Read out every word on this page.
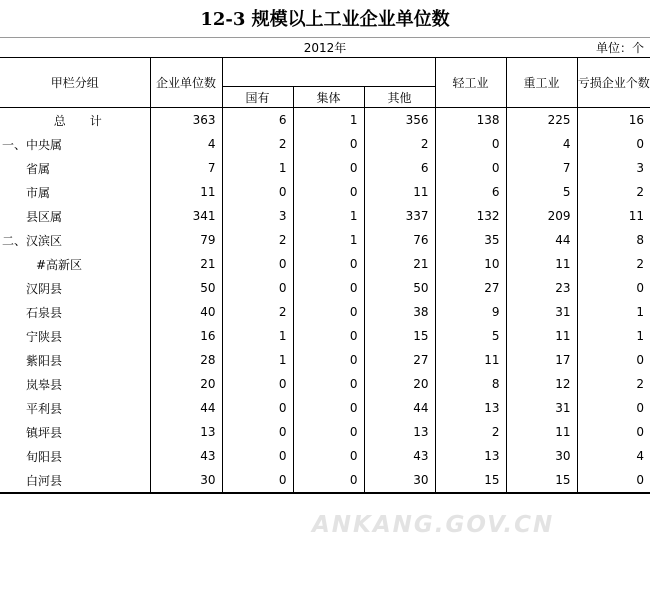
12-3 规模以上工业企业单位数
2012年	单位：个
甲栏分组	企业单位数				轻工业	重工业	亏损企业个数
		国有	集体	其他			
总　　计	363	6	1	356	138	225	16
一、中央属	4	2	0	2	0	4	0
省属	7	1	0	6	0	7	3
市属	11	0	0	11	6	5	2
县区属	341	3	1	337	132	209	11
二、汉滨区	79	2	1	76	35	44	8
#高新区	21	0	0	21	10	11	2
汉阴县	50	0	0	50	27	23	0
石泉县	40	2	0	38	9	31	1
宁陕县	16	1	0	15	5	11	1
紫阳县	28	1	0	27	11	17	0
岚皋县	20	0	0	20	8	12	2
平利县	44	0	0	44	13	31	0
镇坪县	13	0	0	13	2	11	0
旬阳县	43	0	0	43	13	30	4
白河县	30	0	0	30	15	15	0
ANKANG.GOV.CN
